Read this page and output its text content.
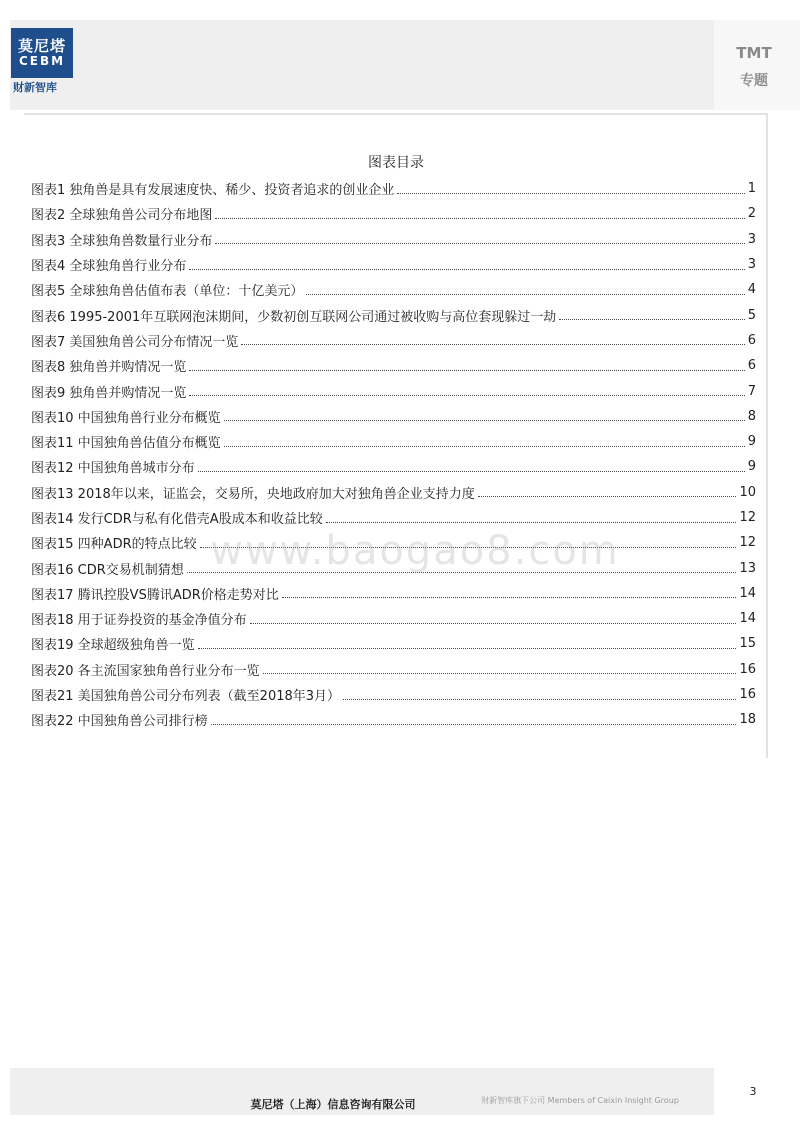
莫尼塔
CEBM
财新智库
TMT
专题
图表目录
图表1 独角兽是具有发展速度快、稀少、投资者追求的创业企业	1
图表2 全球独角兽公司分布地图	2
图表3 全球独角兽数量行业分布	3
图表4 全球独角兽行业分布	3
图表5 全球独角兽估值布表（单位：十亿美元）	4
图表6 1995-2001年互联网泡沫期间，少数初创互联网公司通过被收购与高位套现躲过一劫	5
图表7 美国独角兽公司分布情况一览	6
图表8 独角兽并购情况一览	6
图表9 独角兽并购情况一览	7
图表10 中国独角兽行业分布概览	8
图表11 中国独角兽估值分布概览	9
图表12 中国独角兽城市分布	9
图表13 2018年以来，证监会，交易所，央地政府加大对独角兽企业支持力度	10
图表14 发行CDR与私有化借壳A股成本和收益比较	12
图表15 四种ADR的特点比较	12
图表16 CDR交易机制猜想	13
图表17 腾讯控股VS腾讯ADR价格走势对比	14
图表18 用于证券投资的基金净值分布	14
图表19 全球超级独角兽一览	15
图表20 各主流国家独角兽行业分布一览	16
图表21 美国独角兽公司分布列表（截至2018年3月）	16
图表22 中国独角兽公司排行榜	18
www.baogao8.com
莫尼塔（上海）信息咨询有限公司	财新智库旗下公司 Members of Caixin Insight Group
3
